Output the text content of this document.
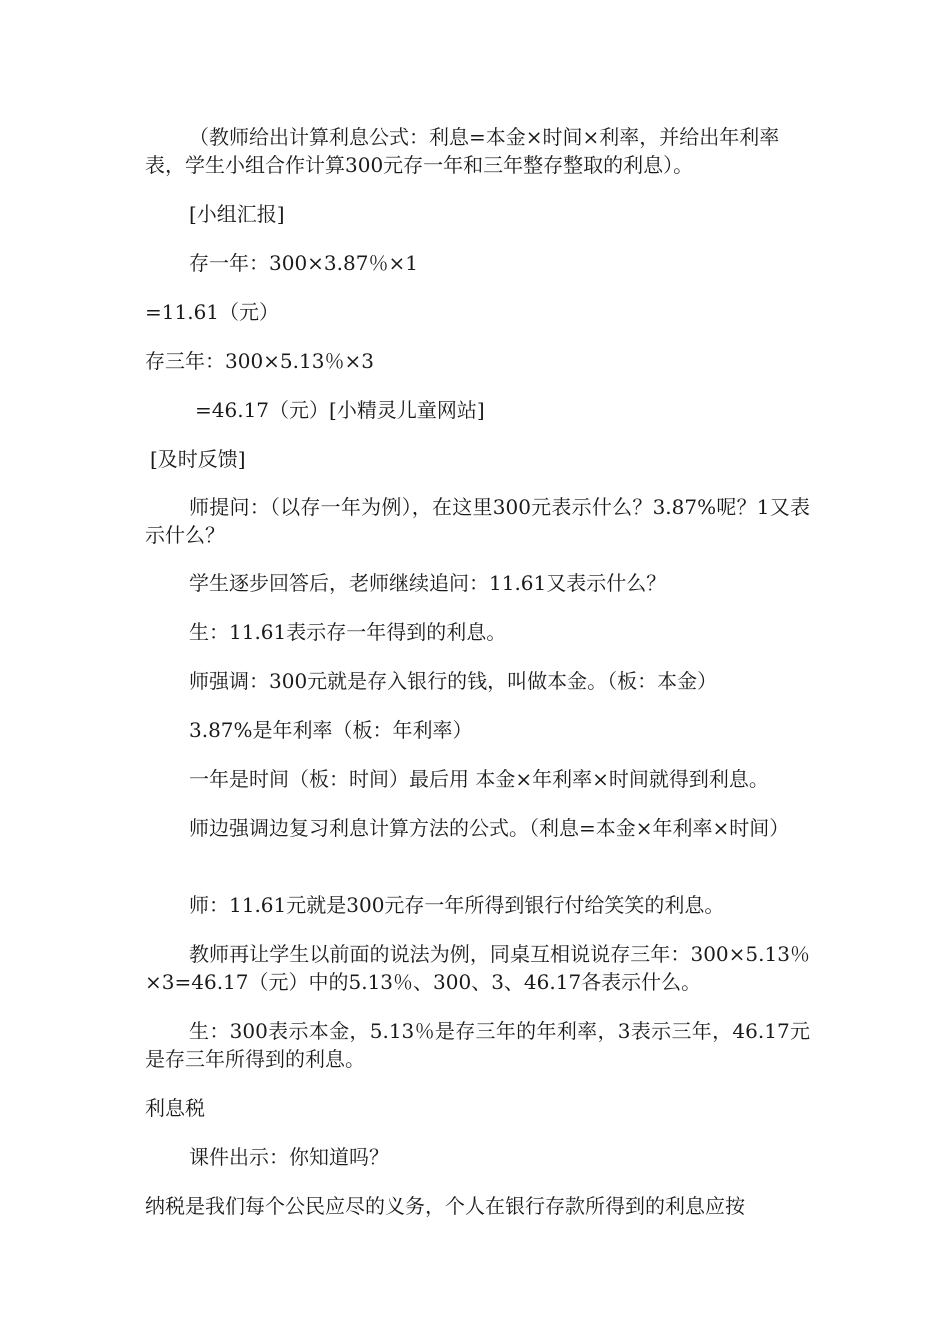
（教师给出计算利息公式：利息=本金×时间×利率，并给出年利率表，学生小组合作计算300元存一年和三年整存整取的利息）。

[小组汇报]

存一年：300×3.87％×1

=11.61（元）

存三年：300×5.13％×3

=46.17（元）[小精灵儿童网站]

[及时反馈]

师提问：（以存一年为例），在这里300元表示什么？3.87%呢？1又表示什么？

学生逐步回答后，老师继续追问：11.61又表示什么？

生：11.61表示存一年得到的利息。

师强调：300元就是存入银行的钱，叫做本金。（板：本金）

3.87%是年利率（板：年利率）

一年是时间（板：时间）最后用 本金×年利率×时间就得到利息。

师边强调边复习利息计算方法的公式。（利息=本金×年利率×时间）

师：11.61元就是300元存一年所得到银行付给笑笑的利息。

教师再让学生以前面的说法为例，同桌互相说说存三年：300×5.13％×3=46.17（元）中的5.13％、300、3、46.17各表示什么。

生：300表示本金，5.13％是存三年的年利率，3表示三年，46.17元是存三年所得到的利息。

利息税

课件出示：你知道吗？

纳税是我们每个公民应尽的义务，个人在银行存款所得到的利息应按
